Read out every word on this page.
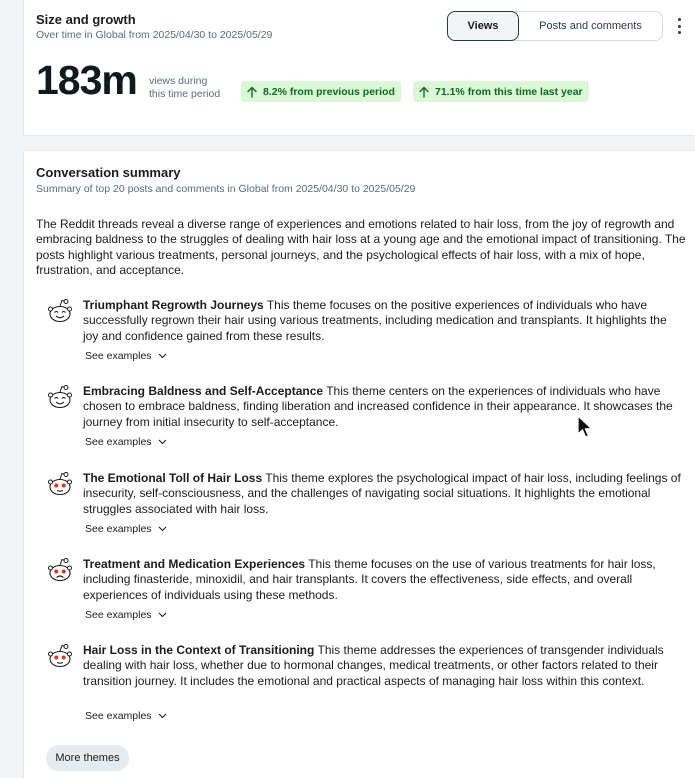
Size and growth
Over time in Global from 2025/04/30 to 2025/05/29
Views	Posts and comments
183m views during
this time period	8.2% from previous period	71.1% from this time last year
Conversation summary
Summary of top 20 posts and comments in Global from 2025/04/30 to 2025/05/29
The Reddit threads reveal a diverse range of experiences and emotions related to hair loss, from the joy of regrowth and embracing baldness to the struggles of dealing with hair loss at a young age and the emotional impact of transitioning. The posts highlight various treatments, personal journeys, and the psychological effects of hair loss, with a mix of hope, frustration, and acceptance.
Triumphant Regrowth Journeys This theme focuses on the positive experiences of individuals who have successfully regrown their hair using various treatments, including medication and transplants. It highlights the joy and confidence gained from these results.
See examples
Embracing Baldness and Self-Acceptance This theme centers on the experiences of individuals who have chosen to embrace baldness, finding liberation and increased confidence in their appearance. It showcases the journey from initial insecurity to self-acceptance.
See examples
The Emotional Toll of Hair Loss This theme explores the psychological impact of hair loss, including feelings of insecurity, self-consciousness, and the challenges of navigating social situations. It highlights the emotional struggles associated with hair loss.
See examples
Treatment and Medication Experiences This theme focuses on the use of various treatments for hair loss, including finasteride, minoxidil, and hair transplants. It covers the effectiveness, side effects, and overall experiences of individuals using these methods.
See examples
Hair Loss in the Context of Transitioning This theme addresses the experiences of transgender individuals dealing with hair loss, whether due to hormonal changes, medical treatments, or other factors related to their transition journey. It includes the emotional and practical aspects of managing hair loss within this context.
See examples
More themes
